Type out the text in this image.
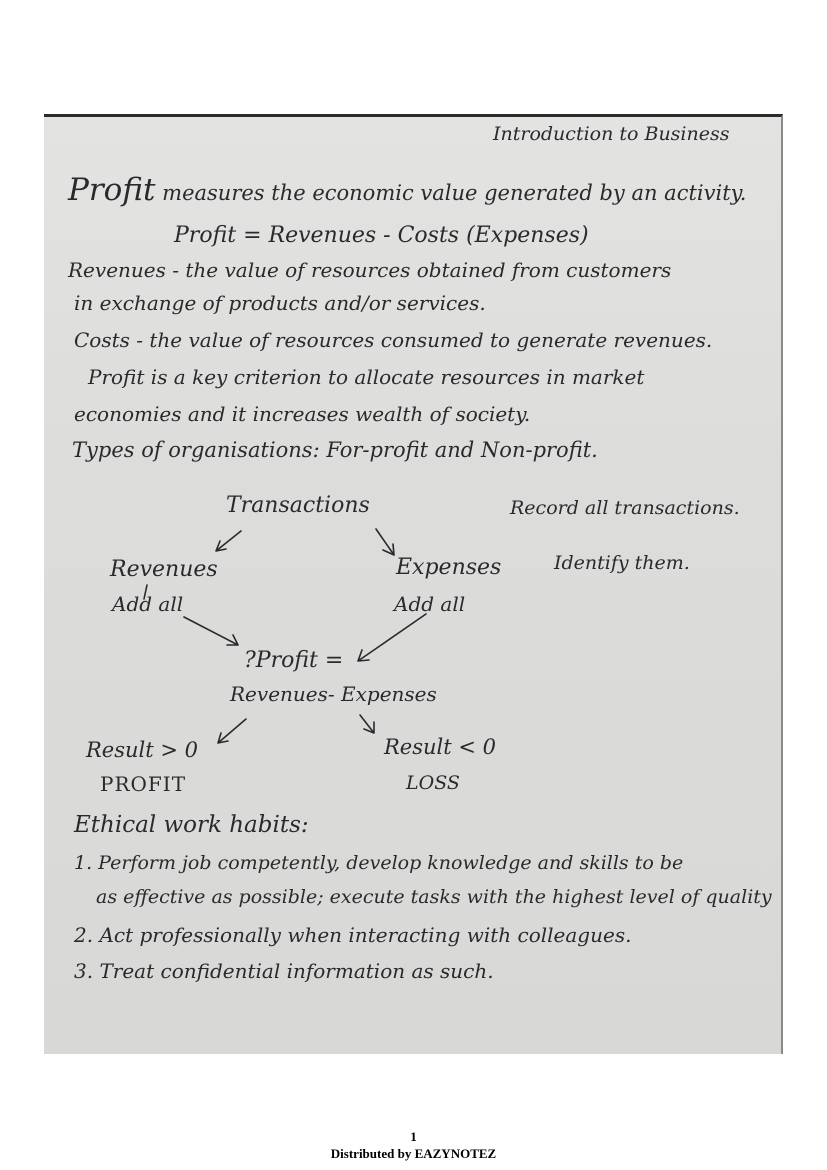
Introduction to Business
Profit measures the economic value generated by an activity.
Profit = Revenues - Costs (Expenses)
Revenues - the value of resources obtained from customers
in exchange of products and/or services.
Costs - the value of resources consumed to generate revenues.
Profit is a key criterion to allocate resources in market
economies and it increases wealth of society.
Types of organisations: For-profit and Non-profit.
Transactions	Record all transactions.
Identify them.
Revenues	Expenses
Add all	Add all
?Profit =
Revenues- Expenses
Result > 0	Result < 0
PROFIT	LOSS
Ethical work habits:
1. Perform job competently, develop knowledge and skills to be
as effective as possible; execute tasks with the highest level of quality
2. Act professionally when interacting with colleagues.
3. Treat confidential information as such.
1
Distributed by EAZYNOTEZ
